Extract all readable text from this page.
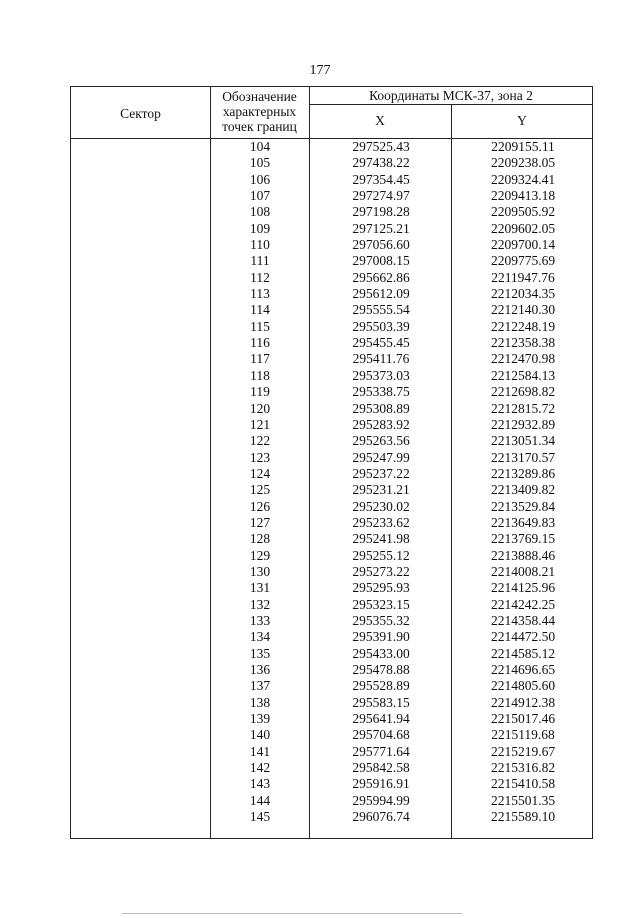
177
Сектор
Обозначение
характерных
точек границ
Координаты МСК-37, зона 2
X	Y
104	297525.43	2209155.11
105	297438.22	2209238.05
106	297354.45	2209324.41
107	297274.97	2209413.18
108	297198.28	2209505.92
109	297125.21	2209602.05
110	297056.60	2209700.14
111	297008.15	2209775.69
112	295662.86	2211947.76
113	295612.09	2212034.35
114	295555.54	2212140.30
115	295503.39	2212248.19
116	295455.45	2212358.38
117	295411.76	2212470.98
118	295373.03	2212584.13
119	295338.75	2212698.82
120	295308.89	2212815.72
121	295283.92	2212932.89
122	295263.56	2213051.34
123	295247.99	2213170.57
124	295237.22	2213289.86
125	295231.21	2213409.82
126	295230.02	2213529.84
127	295233.62	2213649.83
128	295241.98	2213769.15
129	295255.12	2213888.46
130	295273.22	2214008.21
131	295295.93	2214125.96
132	295323.15	2214242.25
133	295355.32	2214358.44
134	295391.90	2214472.50
135	295433.00	2214585.12
136	295478.88	2214696.65
137	295528.89	2214805.60
138	295583.15	2214912.38
139	295641.94	2215017.46
140	295704.68	2215119.68
141	295771.64	2215219.67
142	295842.58	2215316.82
143	295916.91	2215410.58
144	295994.99	2215501.35
145	296076.74	2215589.10
